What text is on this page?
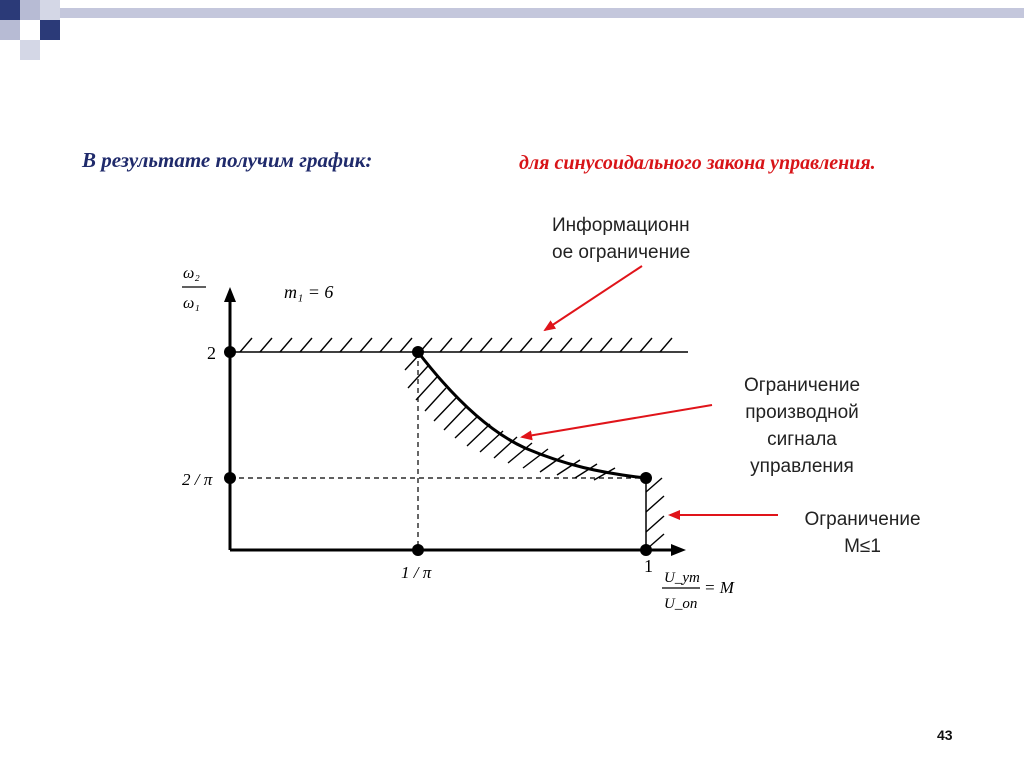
В результате получим график:	для синусоидального закона управления.
ω₂
ω₁
m₁ = 6
2
2 / π
1 / π	1
U_ут
U_оп
= M
Информационн
ое ограничение
Ограничение
производной
сигнала
управления
Ограничение
M≤1
43
